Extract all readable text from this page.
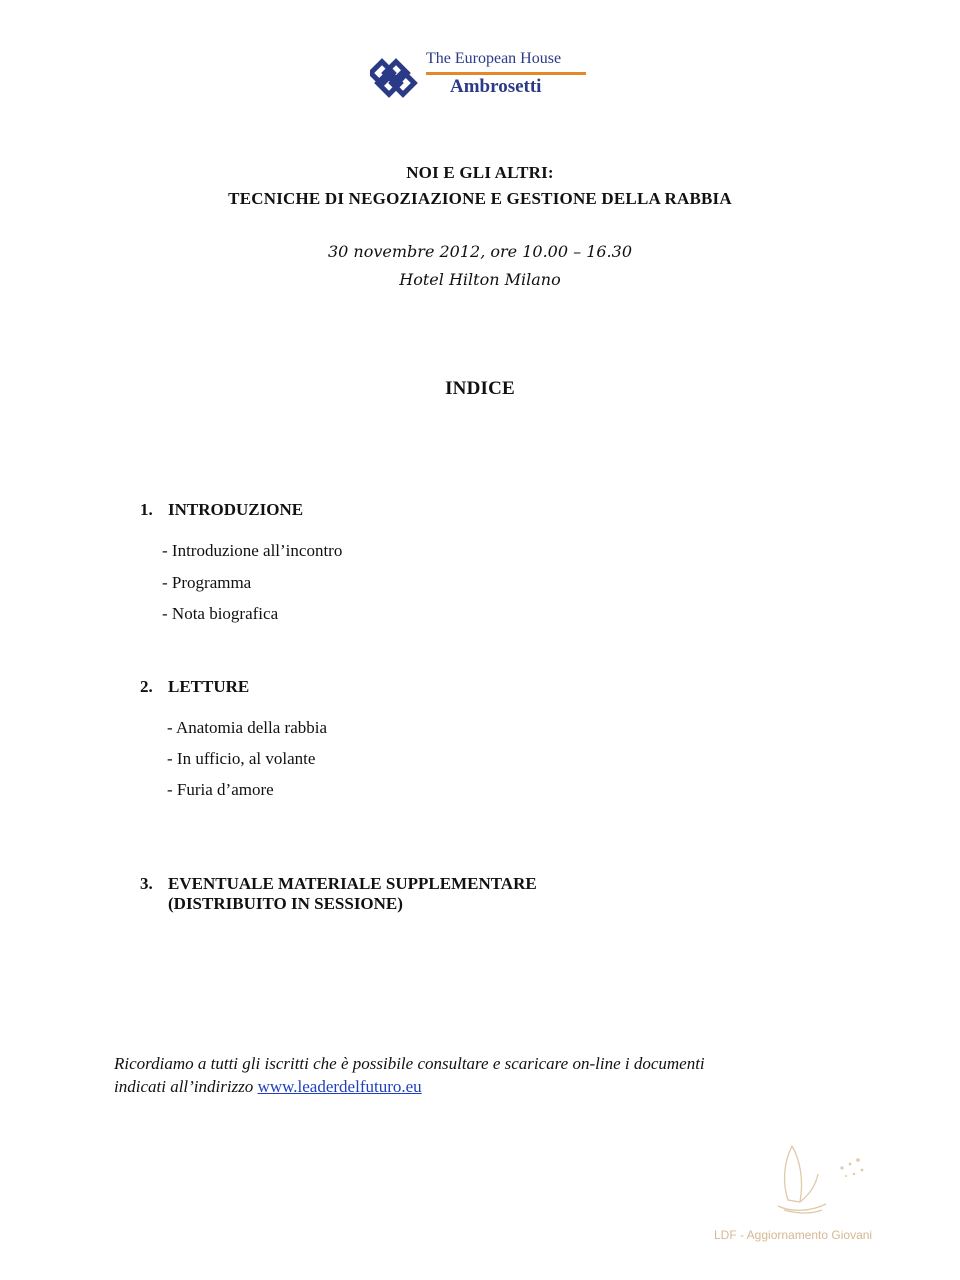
The European House
Ambrosetti
NOI E GLI ALTRI:
TECNICHE DI NEGOZIAZIONE E GESTIONE DELLA RABBIA
30 novembre 2012, ore 10.00 – 16.30
Hotel Hilton Milano
INDICE
1. INTRODUZIONE
- Introduzione all’incontro
- Programma
- Nota biografica
2. LETTURE
- Anatomia della rabbia
- In ufficio, al volante
- Furia d’amore
3. EVENTUALE MATERIALE SUPPLEMENTARE
(DISTRIBUITO IN SESSIONE)
Ricordiamo a tutti gli iscritti che è possibile consultare e scaricare on-line i documenti
indicati all’indirizzo www.leaderdelfuturo.eu
LDF - Aggiornamento Giovani
